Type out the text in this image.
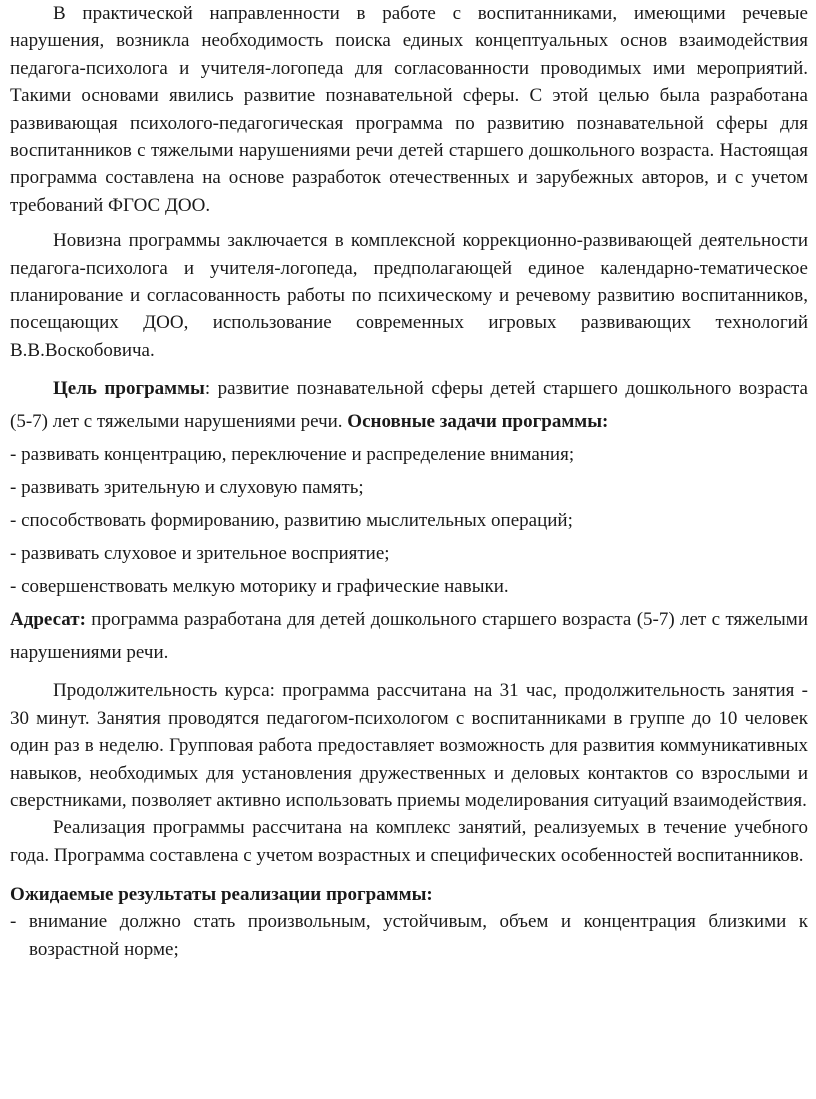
В практической направленности в работе с воспитанниками, имеющими речевые нарушения, возникла необходимость поиска единых концептуальных основ взаимодействия педагога-психолога и учителя-логопеда для согласованности проводимых ими мероприятий. Такими основами явились развитие познавательной сферы. С этой целью была разработана развивающая психолого-педагогическая программа по развитию познавательной сферы для воспитанников с тяжелыми нарушениями речи детей старшего дошкольного возраста. Настоящая программа составлена на основе разработок отечественных и зарубежных авторов, и с учетом требований ФГОС ДОО.

Новизна программы заключается в комплексной коррекционно-развивающей деятельности педагога-психолога и учителя-логопеда, предполагающей единое календарно-тематическое планирование и согласованность работы по психическому и речевому развитию воспитанников, посещающих ДОО, использование современных игровых развивающих технологий В.В.Воскобовича.

Цель программы: развитие познавательной сферы детей старшего дошкольного возраста (5-7) лет с тяжелыми нарушениями речи. Основные задачи программы:

- развивать концентрацию, переключение и распределение внимания;

- развивать зрительную и слуховую память;

- способствовать формированию, развитию мыслительных операций;

- развивать слуховое и зрительное восприятие;

- совершенствовать мелкую моторику и графические навыки.

Адресат: программа разработана для детей дошкольного старшего возраста (5-7) лет с тяжелыми нарушениями речи.

Продолжительность курса: программа рассчитана на 31 час, продолжительность занятия - 30 минут. Занятия проводятся педагогом-психологом с воспитанниками в группе до 10 человек один раз в неделю. Групповая работа предоставляет возможность для развития коммуникативных навыков, необходимых для установления дружественных и деловых контактов со взрослыми и сверстниками, позволяет активно использовать приемы моделирования ситуаций взаимодействия.

Реализация программы рассчитана на комплекс занятий, реализуемых в течение учебного года. Программа составлена с учетом возрастных и специфических особенностей воспитанников.

Ожидаемые результаты реализации программы:

- внимание должно стать произвольным, устойчивым, объем и концентрация близкими к возрастной норме;
